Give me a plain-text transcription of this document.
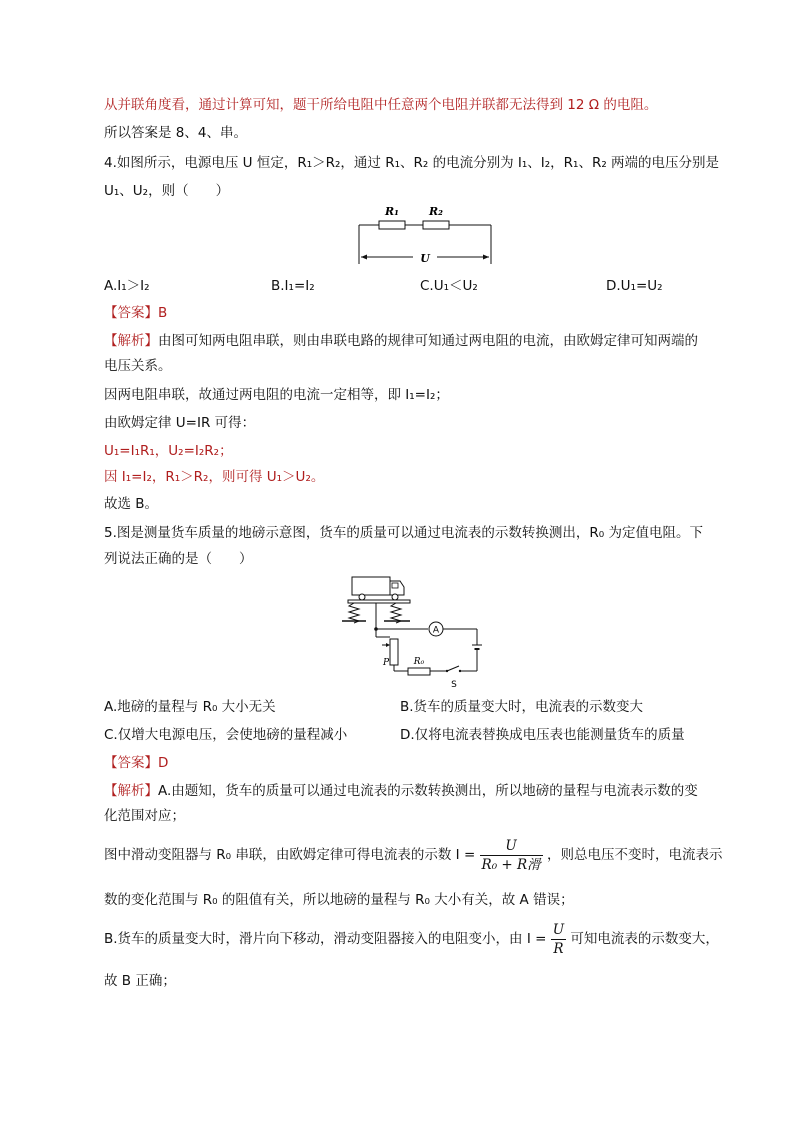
从并联角度看，通过计算可知，题干所给电阻中任意两个电阻并联都无法得到 12 Ω 的电阻。
所以答案是 8、4、串。
4.如图所示，电源电压 U 恒定，R₁＞R₂，通过 R₁、R₂ 的电流分别为 I₁、I₂，R₁、R₂ 两端的电压分别是
U₁、U₂，则（　　）
R₁	R₂
U
A.I₁＞I₂	B.I₁=I₂	C.U₁＜U₂	D.U₁=U₂
【答案】B
【解析】由图可知两电阻串联，则由串联电路的规律可知通过两电阻的电流，由欧姆定律可知两端的
电压关系。
因两电阻串联，故通过两电阻的电流一定相等，即 I₁=I₂；
由欧姆定律 U=IR 可得：
U₁=I₁R₁，U₂=I₂R₂；
因 I₁=I₂，R₁＞R₂，则可得 U₁＞U₂。
故选 B。
5.图是测量货车质量的地磅示意图，货车的质量可以通过电流表的示数转换测出，R₀ 为定值电阻。下
列说法正确的是（　　）
A
P	R₀
S
A.地磅的量程与 R₀ 大小无关	B.货车的质量变大时，电流表的示数变大
C.仅增大电源电压，会使地磅的量程减小	D.仅将电流表替换成电压表也能测量货车的质量
【答案】D
【解析】A.由题知，货车的质量可以通过电流表的示数转换测出，所以地磅的量程与电流表示数的变
化范围对应；
图中滑动变阻器与 R₀ 串联，由欧姆定律可得电流表的示数 $I = \frac{U}{\text{R₀ + R滑}}$ ，则总电压不变时，电流表示
数的变化范围与 R₀ 的阻值有关，所以地磅的量程与 R₀ 大小有关，故 A 错误；
B.货车的质量变大时，滑片向下移动，滑动变阻器接入的电阻变小，由 $I = \frac{U}{R}$ 可知电流表的示数变大，
故 B 正确；
